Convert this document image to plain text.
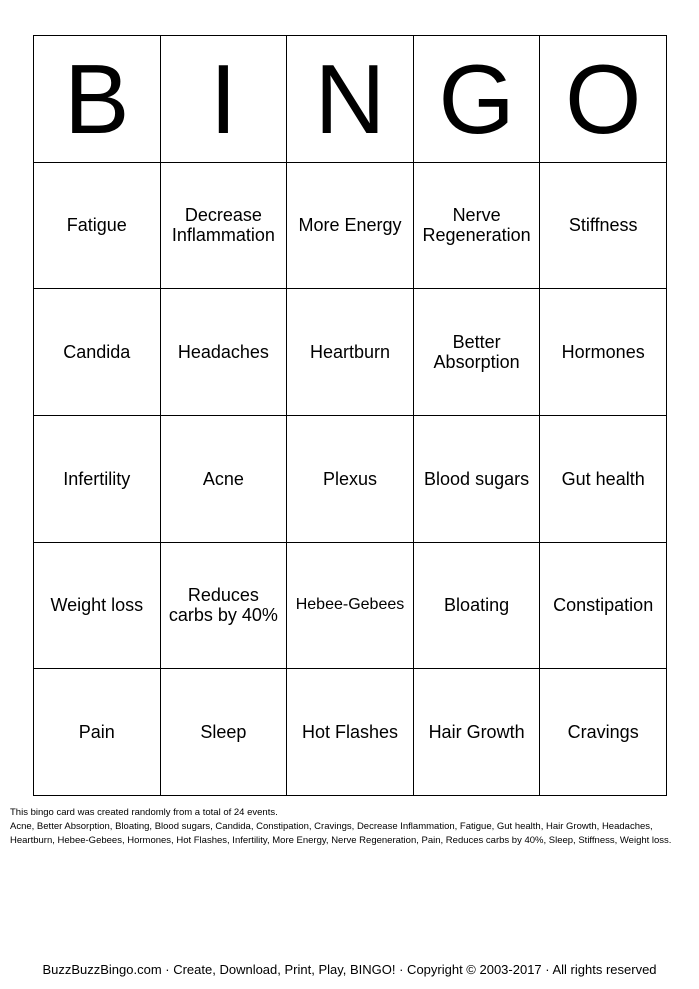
B	I	N	G	O
Fatigue	Decrease Inflammation	More Energy	Nerve Regeneration	Stiffness
Candida	Headaches	Heartburn	Better Absorption	Hormones
Infertility	Acne	Plexus	Blood sugars	Gut health
Weight loss	Reduces carbs by 40%	Hebee-Gebees	Bloating	Constipation
Pain	Sleep	Hot Flashes	Hair Growth	Cravings
This bingo card was created randomly from a total of 24 events.
Acne, Better Absorption, Bloating, Blood sugars, Candida, Constipation, Cravings, Decrease Inflammation, Fatigue, Gut health, Hair Growth, Headaches, Heartburn, Hebee-Gebees, Hormones, Hot Flashes, Infertility, More Energy, Nerve Regeneration, Pain, Reduces carbs by 40%, Sleep, Stiffness, Weight loss.
BuzzBuzzBingo.com · Create, Download, Print, Play, BINGO! · Copyright © 2003-2017 · All rights reserved
